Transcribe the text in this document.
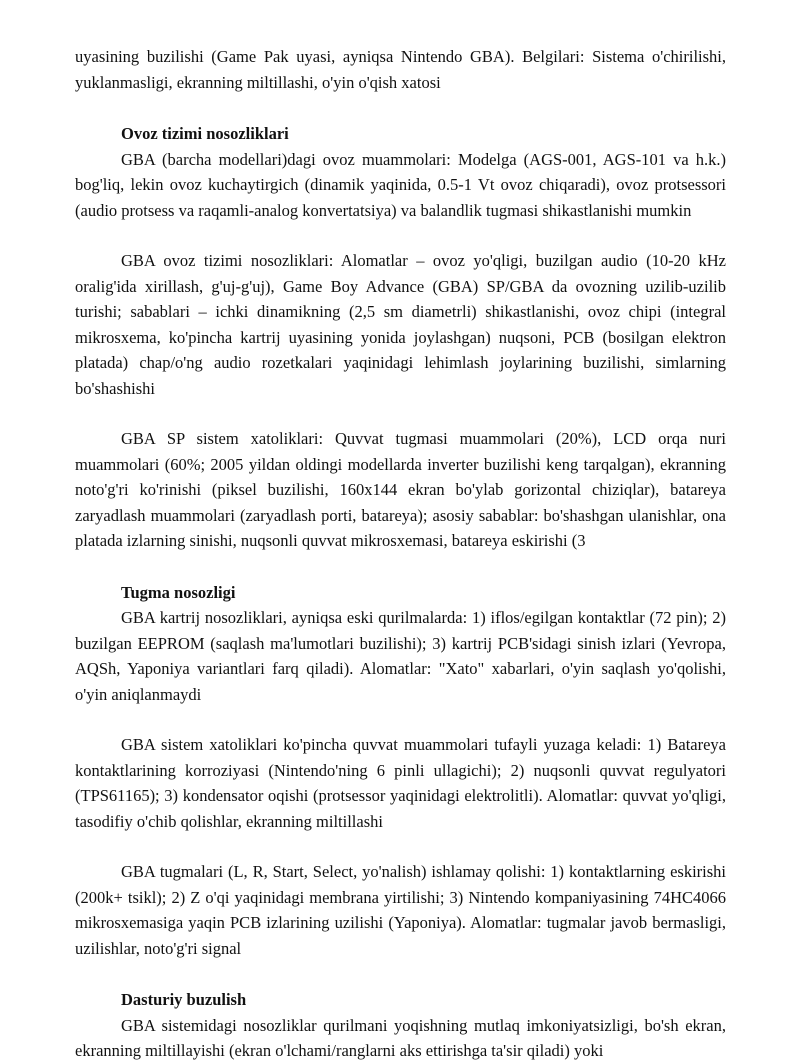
uyasining buzilishi (Game Pak uyasi, ayniqsa Nintendo GBA). Belgilari: Sistema o'chirilishi, yuklanmasligi, ekranning miltillashi, o'yin o'qish xatosi

Ovoz tizimi nosozliklari

GBA (barcha modellari)dagi ovoz muammolari: Modelga (AGS-001, AGS-101 va h.k.) bog'liq, lekin ovoz kuchaytirgich (dinamik yaqinida, 0.5-1 Vt ovoz chiqaradi), ovoz protsessori (audio protsess va raqamli-analog konvertatsiya) va balandlik tugmasi shikastlanishi mumkin

GBA ovoz tizimi nosozliklari: Alomatlar – ovoz yo'qligi, buzilgan audio (10-20 kHz oralig'ida xirillash, g'uj-g'uj), Game Boy Advance (GBA) SP/GBA da ovozning uzilib-uzilib turishi; sabablari – ichki dinamikning (2,5 sm diametrli) shikastlanishi, ovoz chipi (integral mikrosxema, ko'pincha kartrij uyasining yonida joylashgan) nuqsoni, PCB (bosilgan elektron platada) chap/o'ng audio rozetkalari yaqinidagi lehimlash joylarining buzilishi, simlarning bo'shashishi

GBA SP sistem xatoliklari: Quvvat tugmasi muammolari (20%), LCD orqa nuri muammolari (60%; 2005 yildan oldingi modellarda inverter buzilishi keng tarqalgan), ekranning noto'g'ri ko'rinishi (piksel buzilishi, 160x144 ekran bo'ylab gorizontal chiziqlar), batareya zaryadlash muammolari (zaryadlash porti, batareya); asosiy sabablar: bo'shashgan ulanishlar, ona platada izlarning sinishi, nuqsonli quvvat mikrosxemasi, batareya eskirishi (3

Tugma nosozligi

GBA kartrij nosozliklari, ayniqsa eski qurilmalarda: 1) iflos/egilgan kontaktlar (72 pin); 2) buzilgan EEPROM (saqlash ma'lumotlari buzilishi); 3) kartrij PCB'sidagi sinish izlari (Yevropa, AQSh, Yaponiya variantlari farq qiladi). Alomatlar: "Xato" xabarlari, o'yin saqlash yo'qolishi, o'yin aniqlanmaydi

GBA sistem xatoliklari ko'pincha quvvat muammolari tufayli yuzaga keladi: 1) Batareya kontaktlarining korroziyasi (Nintendo'ning 6 pinli ullagichi); 2) nuqsonli quvvat regulyatori (TPS61165); 3) kondensator oqishi (protsessor yaqinidagi elektrolitli). Alomatlar: quvvat yo'qligi, tasodifiy o'chib qolishlar, ekranning miltillashi

GBA tugmalari (L, R, Start, Select, yo'nalish) ishlamay qolishi: 1) kontaktlarning eskirishi (200k+ tsikl); 2) Z o'qi yaqinidagi membrana yirtilishi; 3) Nintendo kompaniyasining 74HC4066 mikrosxemasiga yaqin PCB izlarining uzilishi (Yaponiya). Alomatlar: tugmalar javob bermasligi, uzilishlar, noto'g'ri signal

Dasturiy buzulish

GBA sistemidagi nosozliklar qurilmani yoqishning mutlaq imkoniyatsizligi, bo'sh ekran, ekranning miltillayishi (ekran o'lchami/ranglarni aks ettirishga ta'sir qiladi) yoki
